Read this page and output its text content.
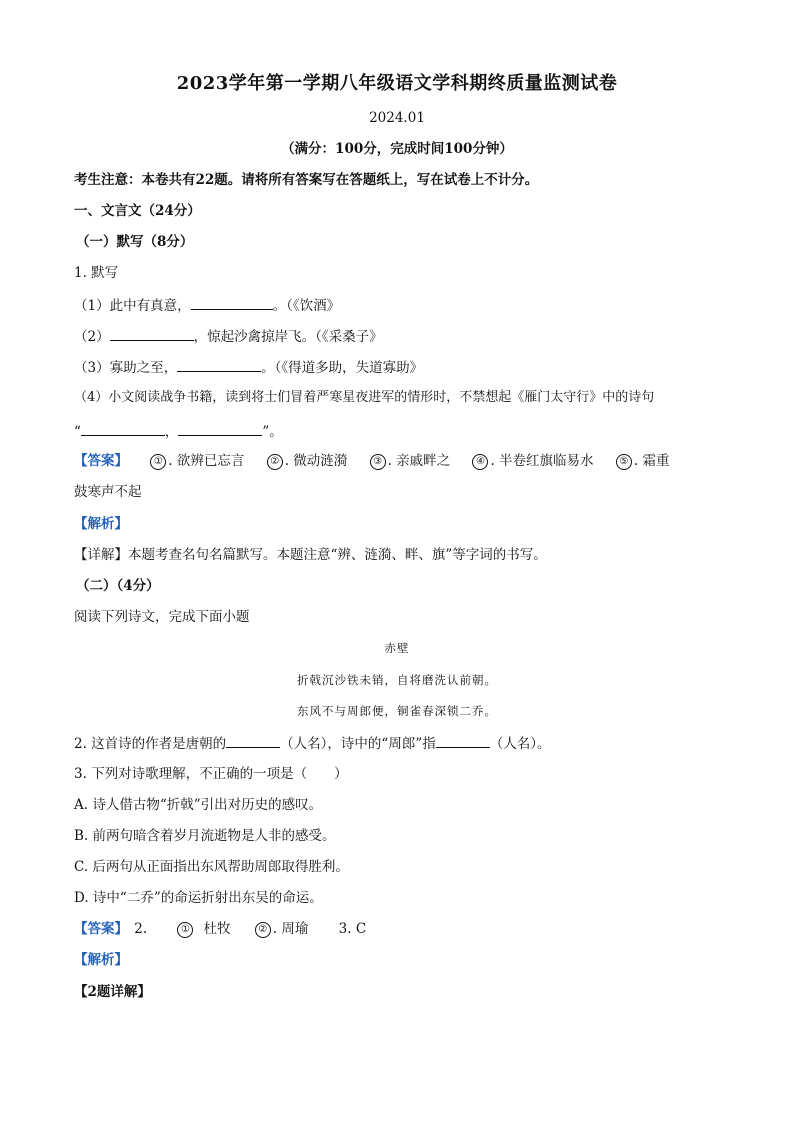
2023学年第一学期八年级语文学科期终质量监测试卷
2024.01
（满分：100分，完成时间100分钟）
考生注意：本卷共有22题。请将所有答案写在答题纸上，写在试卷上不计分。
一、文言文（24分）
（一）默写（8分）
1. 默写
（1）此中有真意，	。（《饮酒》
（2）	，惊起沙禽掠岸飞。（《采桑子》
（3）寡助之至，	。（《得道多助，失道寡助》
（4）小文阅读战争书籍，读到将士们冒着严寒星夜进军的情形时，不禁想起《雁门太守行》中的诗句
“	，	”。
【答案】	① . 欲辨已忘言	② . 微动涟漪	③ . 亲戚畔之	④ . 半卷红旗临易水	⑤ . 霜重
鼓寒声不起
【解析】
【详解】本题考查名句名篇默写。本题注意“辨、涟漪、畔、旗”等字词的书写。
（二）（4分）
阅读下列诗文，完成下面小题
赤壁
折戟沉沙铁未销，自将磨洗认前朝。
东风不与周郎便，铜雀春深锁二乔。
2. 这首诗的作者是唐朝的	（人名），诗中的“周郎”指	（人名）。
3. 下列对诗歌理解，不正确的一项是（　　）
A. 诗人借古物“折戟”引出对历史的感叹。
B. 前两句暗含着岁月流逝物是人非的感受。
C. 后两句从正面指出东风帮助周郎取得胜利。
D. 诗中“二乔”的命运折射出东吴的命运。
【答案】 2.	① 杜牧	② . 周瑜 3. C
【解析】
【2题详解】
